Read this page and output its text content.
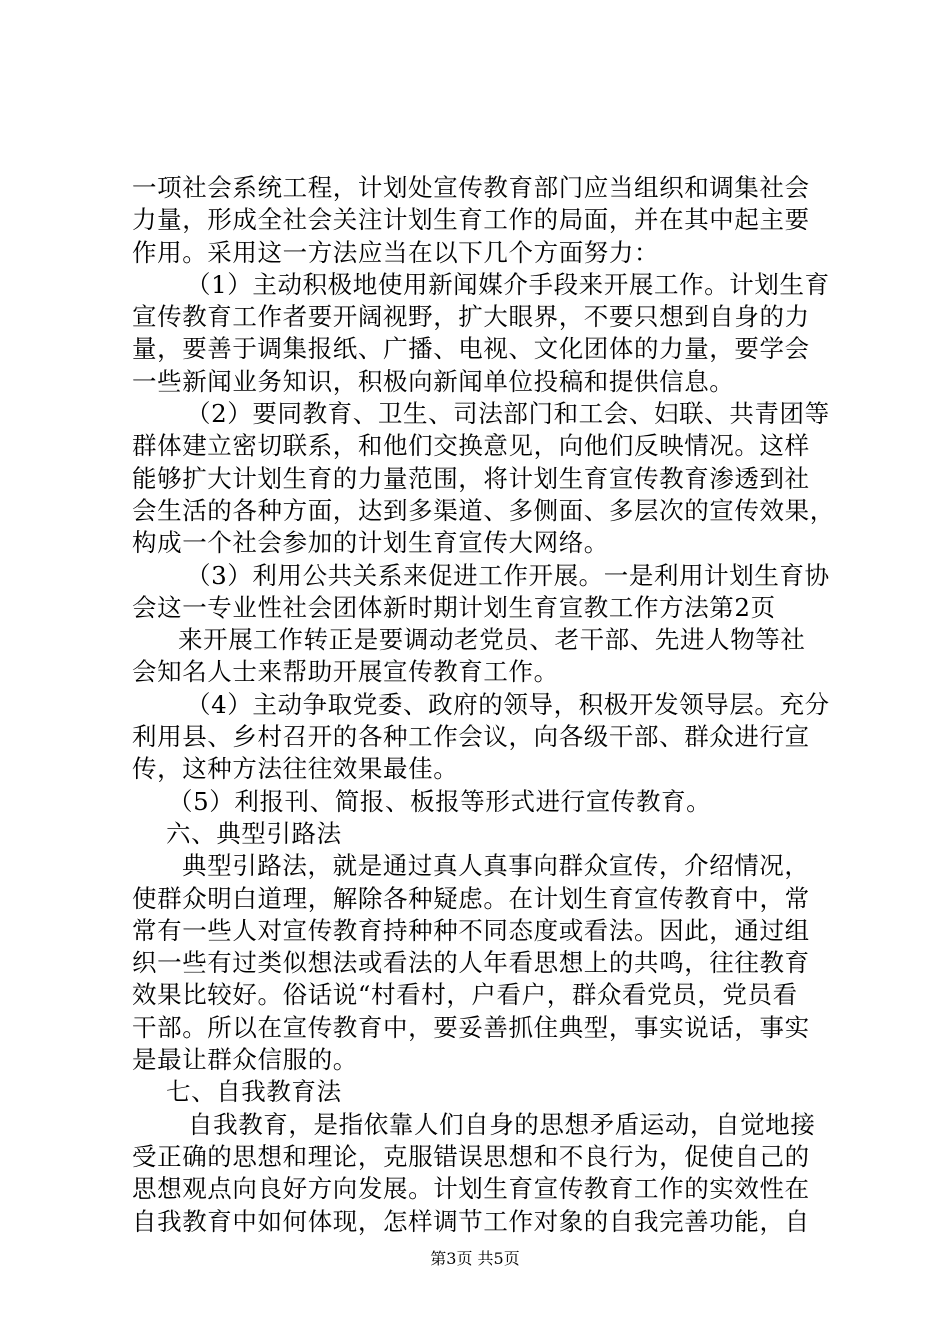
一项社会系统工程，计划处宣传教育部门应当组织和调集社会
力量，形成全社会关注计划生育工作的局面，并在其中起主要
作用。采用这一方法应当在以下几个方面努力：
（1）主动积极地使用新闻媒介手段来开展工作。计划生育
宣传教育工作者要开阔视野，扩大眼界，不要只想到自身的力
量，要善于调集报纸、广播、电视、文化团体的力量，要学会
一些新闻业务知识，积极向新闻单位投稿和提供信息。
（2）要同教育、卫生、司法部门和工会、妇联、共青团等
群体建立密切联系，和他们交换意见，向他们反映情况。这样
能够扩大计划生育的力量范围，将计划生育宣传教育渗透到社
会生活的各种方面，达到多渠道、多侧面、多层次的宣传效果，
构成一个社会参加的计划生育宣传大网络。
（3）利用公共关系来促进工作开展。一是利用计划生育协
会这一专业性社会团体新时期计划生育宣教工作方法第2页
来开展工作转正是要调动老党员、老干部、先进人物等社
会知名人士来帮助开展宣传教育工作。
（4）主动争取党委、政府的领导，积极开发领导层。充分
利用县、乡村召开的各种工作会议，向各级干部、群众进行宣
传，这种方法往往效果最佳。
（5）利报刊、简报、板报等形式进行宣传教育。
六、典型引路法
典型引路法，就是通过真人真事向群众宣传，介绍情况，
使群众明白道理，解除各种疑虑。在计划生育宣传教育中，常
常有一些人对宣传教育持种种不同态度或看法。因此，通过组
织一些有过类似想法或看法的人年看思想上的共鸣，往往教育
效果比较好。俗话说“村看村，户看户，群众看党员，党员看
干部。所以在宣传教育中，要妥善抓住典型，事实说话，事实
是最让群众信服的。
七、自我教育法
自我教育，是指依靠人们自身的思想矛盾运动，自觉地接
受正确的思想和理论，克服错误思想和不良行为，促使自己的
思想观点向良好方向发展。计划生育宣传教育工作的实效性在
自我教育中如何体现，怎样调节工作对象的自我完善功能，自
第3页 共5页
